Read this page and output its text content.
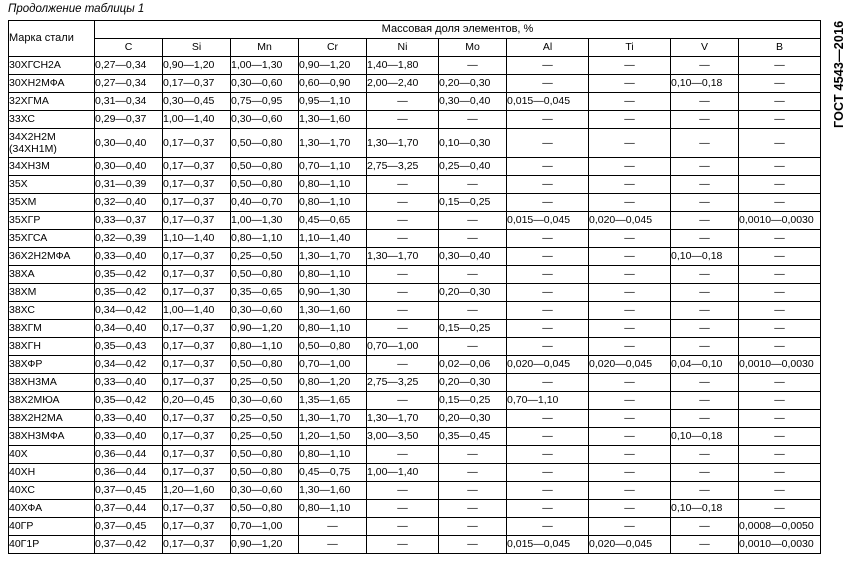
Продолжение таблицы 1
ГОСТ 4543—2016
Марка стали	Массовая доля элементов, %									
	C	Si	Mn	Cr	Ni	Mo	Al	Ti	V	B
30ХГСН2А	0,27—0,34	0,90—1,20	1,00—1,30	0,90—1,20	1,40—1,80	—	—	—	—	—
30ХН2МФА	0,27—0,34	0,17—0,37	0,30—0,60	0,60—0,90	2,00—2,40	0,20—0,30	—	—	0,10—0,18	—
32ХГМА	0,31—0,34	0,30—0,45	0,75—0,95	0,95—1,10	—	0,30—0,40	0,015—0,045	—	—	—
33ХС	0,29—0,37	1,00—1,40	0,30—0,60	1,30—1,60	—	—	—	—	—	—

34Х2Н2М
(34ХН1М)	0,30—0,40	0,17—0,37	0,50—0,80	1,30—1,70	1,30—1,70	0,10—0,30	—	—	—	—
34ХН3М	0,30—0,40	0,17—0,37	0,50—0,80	0,70—1,10	2,75—3,25	0,25—0,40	—	—	—	—
35Х	0,31—0,39	0,17—0,37	0,50—0,80	0,80—1,10	—	—	—	—	—	—
35ХМ	0,32—0,40	0,17—0,37	0,40—0,70	0,80—1,10	—	0,15—0,25	—	—	—	—
35ХГР	0,33—0,37	0,17—0,37	1,00—1,30	0,45—0,65	—	—	0,015—0,045	0,020—0,045	—	0,0010—0,0030
35ХГСА	0,32—0,39	1,10—1,40	0,80—1,10	1,10—1,40	—	—	—	—	—	—
36Х2Н2МФА	0,33—0,40	0,17—0,37	0,25—0,50	1,30—1,70	1,30—1,70	0,30—0,40	—	—	0,10—0,18	—
38ХА	0,35—0,42	0,17—0,37	0,50—0,80	0,80—1,10	—	—	—	—	—	—
38ХМ	0,35—0,42	0,17—0,37	0,35—0,65	0,90—1,30	—	0,20—0,30	—	—	—	—
38ХС	0,34—0,42	1,00—1,40	0,30—0,60	1,30—1,60	—	—	—	—	—	—
38ХГМ	0,34—0,40	0,17—0,37	0,90—1,20	0,80—1,10	—	0,15—0,25	—	—	—	—
38ХГН	0,35—0,43	0,17—0,37	0,80—1,10	0,50—0,80	0,70—1,00	—	—	—	—	—
38ХФР	0,34—0,42	0,17—0,37	0,50—0,80	0,70—1,00	—	0,02—0,06	0,020—0,045	0,020—0,045	0,04—0,10	0,0010—0,0030
38ХН3МА	0,33—0,40	0,17—0,37	0,25—0,50	0,80—1,20	2,75—3,25	0,20—0,30	—	—	—	—
38Х2МЮА	0,35—0,42	0,20—0,45	0,30—0,60	1,35—1,65	—	0,15—0,25	0,70—1,10	—	—	—
38Х2Н2МА	0,33—0,40	0,17—0,37	0,25—0,50	1,30—1,70	1,30—1,70	0,20—0,30	—	—	—	—
38ХН3МФА	0,33—0,40	0,17—0,37	0,25—0,50	1,20—1,50	3,00—3,50	0,35—0,45	—	—	0,10—0,18	—
40Х	0,36—0,44	0,17—0,37	0,50—0,80	0,80—1,10	—	—	—	—	—	—
40ХН	0,36—0,44	0,17—0,37	0,50—0,80	0,45—0,75	1,00—1,40	—	—	—	—	—
40ХС	0,37—0,45	1,20—1,60	0,30—0,60	1,30—1,60	—	—	—	—	—	—
40ХФА	0,37—0,44	0,17—0,37	0,50—0,80	0,80—1,10	—	—	—	—	0,10—0,18	—
40ГР	0,37—0,45	0,17—0,37	0,70—1,00	—	—	—	—	—	—	0,0008—0,0050
40Г1Р	0,37—0,42	0,17—0,37	0,90—1,20	—	—	—	0,015—0,045	0,020—0,045	—	0,0010—0,0030
